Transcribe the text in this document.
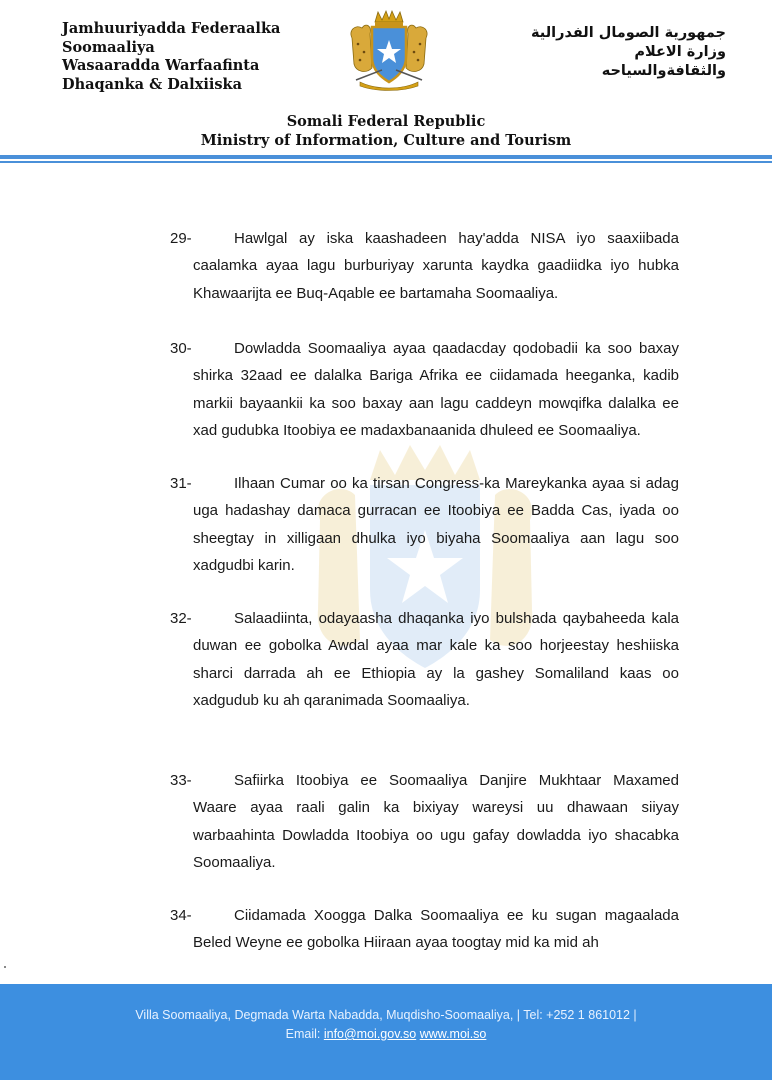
Jamhuuriyadda Federaalka
Soomaaliya
Wasaaradda Warfaafinta
Dhaqanka & Dalxiiska
جمهورية الصومال الفدرالية
وزارة الاعلام
والثقافةوالسياحه
Somali Federal Republic
Ministry of Information, Culture and Tourism
29-	Hawlgal ay iska kaashadeen hay'adda NISA iyo saaxiibada caalamka ayaa lagu burburiyay xarunta kaydka gaadiidka iyo hubka Khawaarijta ee Buq-Aqable ee bartamaha Soomaaliya.
30-	Dowladda Soomaaliya ayaa qaadacday qodobadii ka soo baxay shirka 32aad ee dalalka Bariga Afrika ee ciidamada heeganka, kadib markii bayaankii ka soo baxay aan lagu caddeyn mowqifka dalalka ee xad gudubka Itoobiya ee madaxbanaanida dhuleed ee Soomaaliya.
31-	Ilhaan Cumar oo ka tirsan Congress-ka Mareykanka ayaa si adag uga hadashay damaca gurracan ee Itoobiya ee Badda Cas, iyada oo sheegtay in xilligaan dhulka iyo biyaha Soomaaliya aan lagu soo xadgudbi karin.
32-	Salaadiinta, odayaasha dhaqanka iyo bulshada qaybaheeda kala duwan ee gobolka Awdal ayaa mar kale ka soo horjeestay heshiiska sharci darrada ah ee Ethiopia ay la gashey Somaliland kaas oo xadgudub ku ah qaranimada Soomaaliya.
33-	Safiirka Itoobiya ee Soomaaliya Danjire Mukhtaar Maxamed Waare ayaa raali galin ka bixiyay wareysi uu dhawaan siiyay warbaahinta Dowladda Itoobiya oo ugu gafay dowladda iyo shacabka Soomaaliya.
34-	Ciidamada Xoogga Dalka Soomaaliya ee ku sugan magaalada Beled Weyne ee gobolka Hiiraan ayaa toogtay mid ka mid ah
Villa Soomaaliya, Degmada Warta Nabadda, Muqdisho-Soomaaliya, | Tel: +252 1 861012 |
Email: info@moi.gov.so www.moi.so
